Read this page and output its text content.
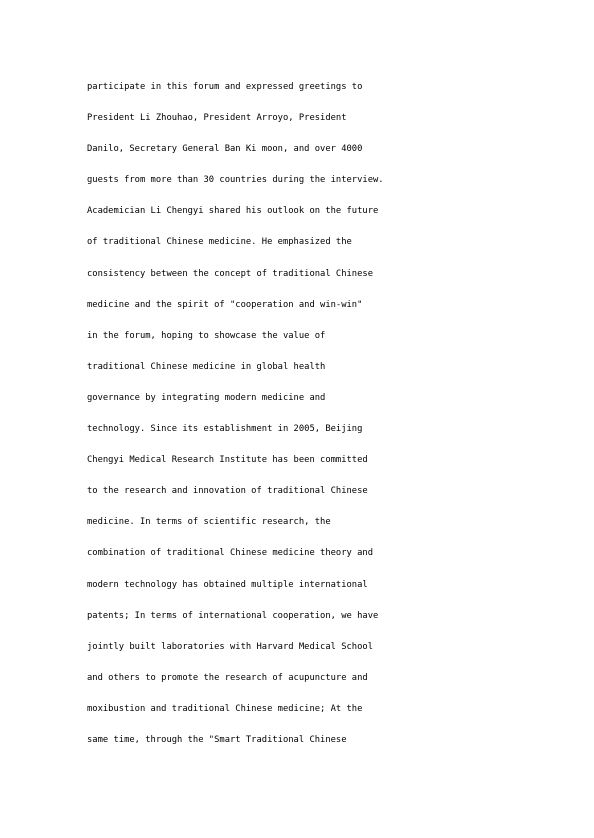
participate in this forum and expressed greetings to
President Li Zhouhao, President Arroyo, President
Danilo, Secretary General Ban Ki moon, and over 4000
guests from more than 30 countries during the interview.
Academician Li Chengyi shared his outlook on the future
of traditional Chinese medicine. He emphasized the
consistency between the concept of traditional Chinese
medicine and the spirit of "cooperation and win-win"
in the forum, hoping to showcase the value of
traditional Chinese medicine in global health
governance by integrating modern medicine and
technology. Since its establishment in 2005, Beijing
Chengyi Medical Research Institute has been committed
to the research and innovation of traditional Chinese
medicine. In terms of scientific research, the
combination of traditional Chinese medicine theory and
modern technology has obtained multiple international
patents; In terms of international cooperation, we have
jointly built laboratories with Harvard Medical School
and others to promote the research of acupuncture and
moxibustion and traditional Chinese medicine; At the
same time, through the "Smart Traditional Chinese
